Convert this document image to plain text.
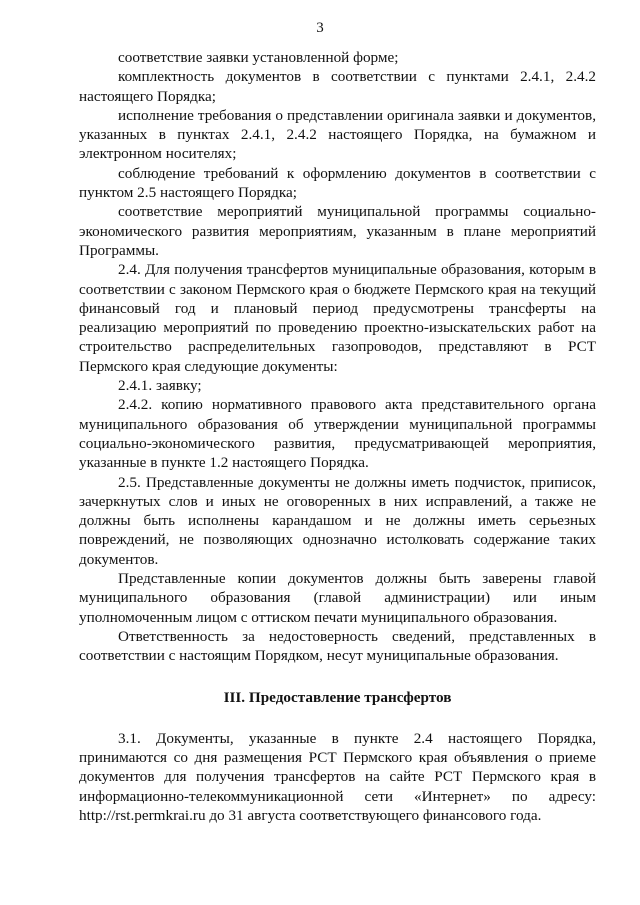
3

соответствие заявки установленной форме;

комплектность документов в соответствии с пунктами 2.4.1, 2.4.2 настоящего Порядка;

исполнение требования о представлении оригинала заявки и документов, указанных в пунктах 2.4.1, 2.4.2 настоящего Порядка, на бумажном и электронном носителях;

соблюдение требований к оформлению документов в соответствии с пунктом 2.5 настоящего Порядка;

соответствие мероприятий муниципальной программы социально-экономического развития мероприятиям, указанным в плане мероприятий Программы.

2.4. Для получения трансфертов муниципальные образования, которым в соответствии с законом Пермского края о бюджете Пермского края на текущий финансовый год и плановый период предусмотрены трансферты на реализацию мероприятий по проведению проектно-изыскательских работ на строительство распределительных газопроводов, представляют в РСТ Пермского края следующие документы:

2.4.1. заявку;

2.4.2. копию нормативного правового акта представительного органа муниципального образования об утверждении муниципальной программы социально-экономического развития, предусматривающей мероприятия, указанные в пункте 1.2 настоящего Порядка.

2.5. Представленные документы не должны иметь подчисток, приписок, зачеркнутых слов и иных не оговоренных в них исправлений, а также не должны быть исполнены карандашом и не должны иметь серьезных повреждений, не позволяющих однозначно истолковать содержание таких документов.

Представленные копии документов должны быть заверены главой муниципального образования (главой администрации) или иным уполномоченным лицом с оттиском печати муниципального образования.

Ответственность за недостоверность сведений, представленных в соответствии с настоящим Порядком, несут муниципальные образования.

III. Предоставление трансфертов

3.1. Документы, указанные в пункте 2.4 настоящего Порядка, принимаются со дня размещения РСТ Пермского края объявления о приеме документов для получения трансфертов на сайте РСТ Пермского края в информационно-телекоммуникационной сети «Интернет» по адресу: http://rst.permkrai.ru до 31 августа соответствующего финансового года.
